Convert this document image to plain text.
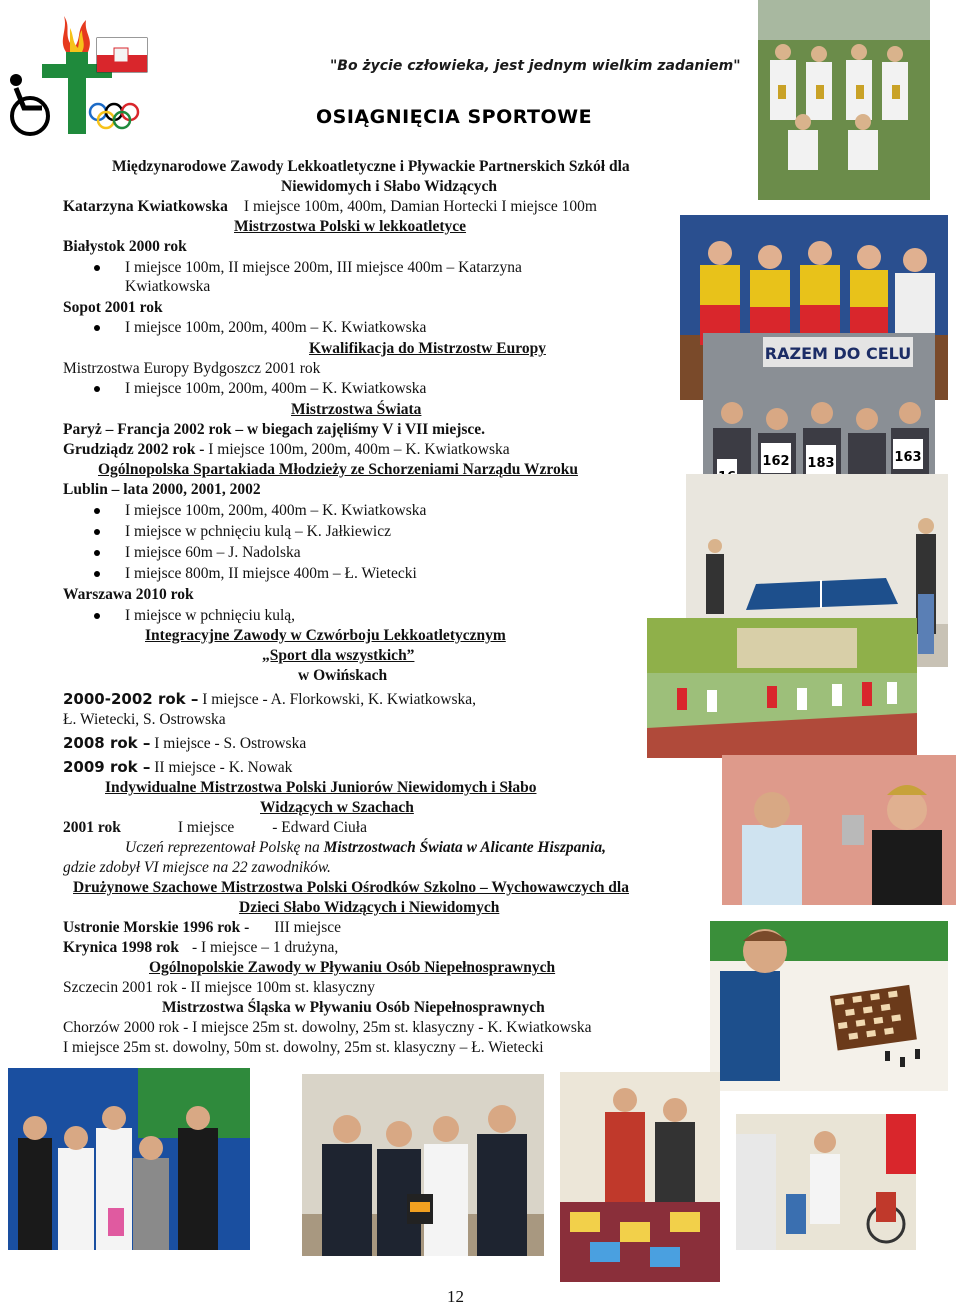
"Bo życie człowieka, jest jednym wielkim zadaniem"
OSIĄGNIĘCIA SPORTOWE
Międzynarodowe Zawody Lekkoatletyczne i Pływackie Partnerskich Szkół dla
Niewidomych i Słabo Widzących
Katarzyna Kwiatkowska I miejsce 100m, 400m, Damian Hortecki I miejsce 100m
Mistrzostwa Polski w lekkoatletyce
Białystok 2000 rok
I miejsce 100m, II miejsce 200m, III miejsce 400m – Katarzyna
Kwiatkowska
Sopot 2001 rok
I miejsce 100m, 200m, 400m – K. Kwiatkowska
Kwalifikacja do Mistrzostw Europy
Mistrzostwa Europy Bydgoszcz 2001 rok
I miejsce 100m, 200m, 400m – K. Kwiatkowska
Mistrzostwa Świata
Paryż – Francja 2002 rok – w biegach zajęliśmy V i VII miejsce.
Grudziądz 2002 rok - I miejsce 100m, 200m, 400m – K. Kwiatkowska
Ogólnopolska Spartakiada Młodzieży ze Schorzeniami Narządu Wzroku
Lublin – lata 2000, 2001, 2002
I miejsce 100m, 200m, 400m – K. Kwiatkowska
I miejsce w pchnięciu kulą – K. Jałkiewicz
I miejsce 60m – J. Nadolska
I miejsce 800m, II miejsce 400m – Ł. Wietecki
Warszawa 2010 rok
I miejsce w pchnięciu kulą,
Integracyjne Zawody w Czwórboju Lekkoatletycznym
„Sport dla wszystkich”
w Owińskach
2000-2002 rok – I miejsce - A. Florkowski, K. Kwiatkowska,
Ł. Wietecki, S. Ostrowska
2008 rok – I miejsce - S. Ostrowska
2009 rok – II miejsce - K. Nowak
Indywidualne Mistrzostwa Polski Juniorów Niewidomych i Słabo
Widzących w Szachach
2001 rok	I miejsce - Edward Ciuła
Uczeń reprezentował Polskę na Mistrzostwach Świata w Alicante Hiszpania,
gdzie zdobył VI miejsce na 22 zawodników.
Drużynowe Szachowe Mistrzostwa Polski Ośrodków Szkolno – Wychowawczych dla
Dzieci Słabo Widzących i Niewidomych
Ustronie Morskie 1996 rok - III miejsce
Krynica 1998 rok - I miejsce – 1 drużyna,
Ogólnopolskie Zawody w Pływaniu Osób Niepełnosprawnych
Szczecin 2001 rok - II miejsce 100m st. klasyczny
Mistrzostwa Śląska w Pływaniu Osób Niepełnosprawnych
Chorzów 2000 rok - I miejsce 25m st. dowolny, 25m st. klasyczny - K. Kwiatkowska
I miejsce 25m st. dowolny, 50m st. dowolny, 25m st. klasyczny – Ł. Wietecki
RAZEM DO CELU
162 183	163
12
